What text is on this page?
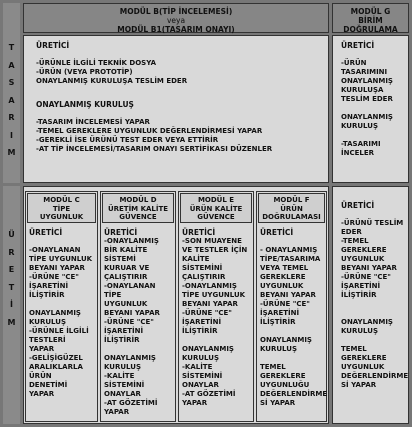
T
A
S
A
R
I
M
Ü
R
E
T
İ
M
MODÜL B(TİP İNCELEMESİ)
veya
MODÜL B1(TASARIM ONAYI)
MODÜL G
BİRİM
DOĞRULAMA
ÜRETİCİ
-ÜRÜNLE İLGİLİ TEKNİK DOSYA
-ÜRÜN (VEYA PROTOTİP)
ONAYLANMIŞ KURULUŞA TESLİM EDER
ONAYLANMIŞ KURULUŞ
-TASARIM İNCELEMESİ YAPAR
-TEMEL GEREKLERE UYGUNLUK DEĞERLENDİRMESİ YAPAR
-GEREKLİ İSE ÜRÜNÜ TEST EDER VEYA ETTİRİR
-AT TİP İNCELEMESİ/TASARIM ONAYI SERTİFİKASI DÜZENLER
ÜRETİCİ
-ÜRÜN
TASARIMINI
ONAYLANMIŞ
KURULUŞA
TESLİM EDER
ONAYLANMIŞ
KURULUŞ
-TASARIMI
İNCELER
MODÜL C
TİPE
UYGUNLUK
ÜRETİCİ
-ONAYLANAN
TİPE UYGUNLUK
BEYANI YAPAR
-ÜRÜNE "CE"
İŞARETİNİ
İLİŞTİRİR
ONAYLANMIŞ
KURULUŞ
-ÜRÜNLE İLGİLİ
TESTLERİ
YAPAR
-GELİŞİGÜZEL
ARALIKLARLA
ÜRÜN
DENETİMİ
YAPAR
MODÜL D
ÜRETİM KALİTE
GÜVENCE
ÜRETİCİ
-ONAYLANMIŞ
BİR KALİTE
SİSTEMİ
KURUAR VE
ÇALIŞTIRIR
-ONAYLANAN
TİPE
UYGUNLUK
BEYANI YAPAR
-ÜRÜNE "CE"
İŞARETİNİ
İLİŞTİRİR
ONAYLANMIŞ
KURULUŞ
-KALİTE
SİSTEMİNİ
ONAYLAR
-AT GÖZETİMİ
YAPAR
MODÜL E
ÜRÜN KALİTE
GÜVENCE
ÜRETİCİ
-SON MUAYENE
VE TESTLER İÇİN
KALİTE
SİSTEMİNİ
ÇALIŞTIRIR
-ONAYLANMIŞ
TİPE UYGUNLUK
BEYANI YAPAR
-ÜRÜNE "CE"
İŞARETİNİ
İLİŞTİRİR
ONAYLANMIŞ
KURULUŞ
-KALİTE
SİSTEMİNİ
ONAYLAR
-AT GÖZETİMİ
YAPAR
MODÜL F
ÜRÜN
DOĞRULAMASI
ÜRETİCİ
- ONAYLANMIŞ
TİPE/TASARIMA
VEYA TEMEL
GEREKLERE
UYGUNLUK
BEYANI YAPAR
-ÜRÜNE "CE"
İŞARETİNİ
İLİŞTİRİR
ONAYLANMIŞ
KURULUŞ
TEMEL
GEREKLERE
UYGUNLUĞU
DEĞERLENDİRME
Sİ YAPAR
ÜRETİCİ
-ÜRÜNÜ TESLİM
EDER
-TEMEL
GEREKLERE
UYGUNLUK
BEYANI YAPAR
-ÜRÜNE "CE"
İŞARETİNİ
İLİŞTİRİR
ONAYLANMIŞ
KURULUŞ
TEMEL
GEREKLERE
UYGUNLUK
DEĞERLENDİRME
Sİ YAPAR
